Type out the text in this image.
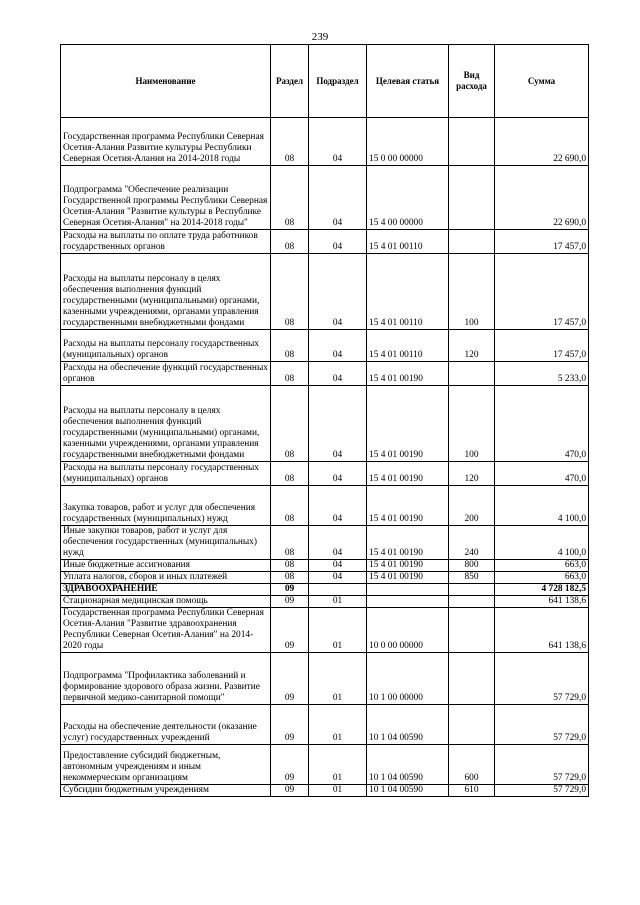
239
Наименование	Раздел	Подраздел	Целевая статья	Вид расхода	Сумма
Государственная программа Республики Северная Осетия-Алания Развитие культуры Республики Северная Осетия-Алания на 2014-2018 годы	08	04	15 0 00 00000		22 690,0
Подпрограмма "Обеспечение реализации Государственной программы Республики Северная Осетия-Алания "Развитие культуры в Республике Северная Осетия-Алания" на 2014-2018 годы"	08	04	15 4 00 00000		22 690,0
Расходы на выплаты по оплате труда работников государственных органов	08	04	15 4 01 00110		17 457,0
Расходы на выплаты персоналу в целях обеспечения выполнения функций государственными (муниципальными) органами, казенными учреждениями, органами управления государственными внебюджетными фондами	08	04	15 4 01 00110	100	17 457,0
Расходы на выплаты персоналу государственных (муниципальных) органов	08	04	15 4 01 00110	120	17 457,0
Расходы на обеспечение функций государственных органов	08	04	15 4 01 00190		5 233,0
Расходы на выплаты персоналу в целях обеспечения выполнения функций государственными (муниципальными) органами, казенными учреждениями, органами управления государственными внебюджетными фондами	08	04	15 4 01 00190	100	470,0
Расходы на выплаты персоналу государственных (муниципальных) органов	08	04	15 4 01 00190	120	470,0
Закупка товаров, работ и услуг для обеспечения государственных (муниципальных) нужд	08	04	15 4 01 00190	200	4 100,0
Иные закупки товаров, работ и услуг для обеспечения государственных (муниципальных) нужд	08	04	15 4 01 00190	240	4 100,0
Иные бюджетные ассигнования	08	04	15 4 01 00190	800	663,0
Уплата налогов, сборов и иных платежей	08	04	15 4 01 00190	850	663,0
ЗДРАВООХРАНЕНИЕ	09				4 728 182,5
Стационарная медицинская помощь	09	01			641 138,6
Государственная программа Республики Северная Осетия-Алания "Развитие здравоохранения Республики Северная Осетия-Алания" на 2014-2020 годы	09	01	10 0 00 00000		641 138,6
Подпрограмма "Профилактика заболеваний и формирование здорового образа жизни. Развитие первичной медико-санитарной помощи"	09	01	10 1 00 00000		57 729,0
Расходы на обеспечение деятельности (оказание услуг) государственных учреждений	09	01	10 1 04 00590		57 729,0
Предоставление субсидий бюджетным, автономным учреждениям и иным некоммерческим организациям	09	01	10 1 04 00590	600	57 729,0
Субсидии бюджетным учреждениям	09	01	10 1 04 00590	610	57 729,0
